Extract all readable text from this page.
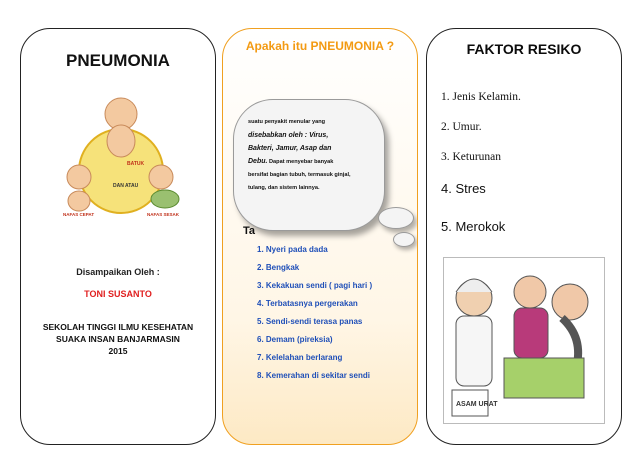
PNEUMONIA
BATUK
DAN ATAU
NAFAS CEPAT	NAFAS SESAK
Disampaikan Oleh :
TONI SUSANTO
SEKOLAH TINGGI ILMU KESEHATAN
SUAKA INSAN BANJARMASIN
2015
Apakah itu PNEUMONIA ?
Ta
1. Nyeri pada dada
2. Bengkak
3. Kekakuan sendi ( pagi hari )
4. Terbatasnya pergerakan
5. Sendi-sendi terasa panas
6. Demam (pireksia)
7. Kelelahan berlarang
8. Kemerahan di sekitar sendi
suatu penyakit menular yang
disebabkan oleh : Virus,
Bakteri, Jamur, Asap dan
Debu. Dapat menyebar banyak
bersifat bagian tubuh, termasuk ginjal,
tulang, dan sistem lainnya.
FAKTOR RESIKO
1. Jenis Kelamin.
2. Umur.
3. Keturunan
4. Stres
5. Merokok
ASAM URAT
